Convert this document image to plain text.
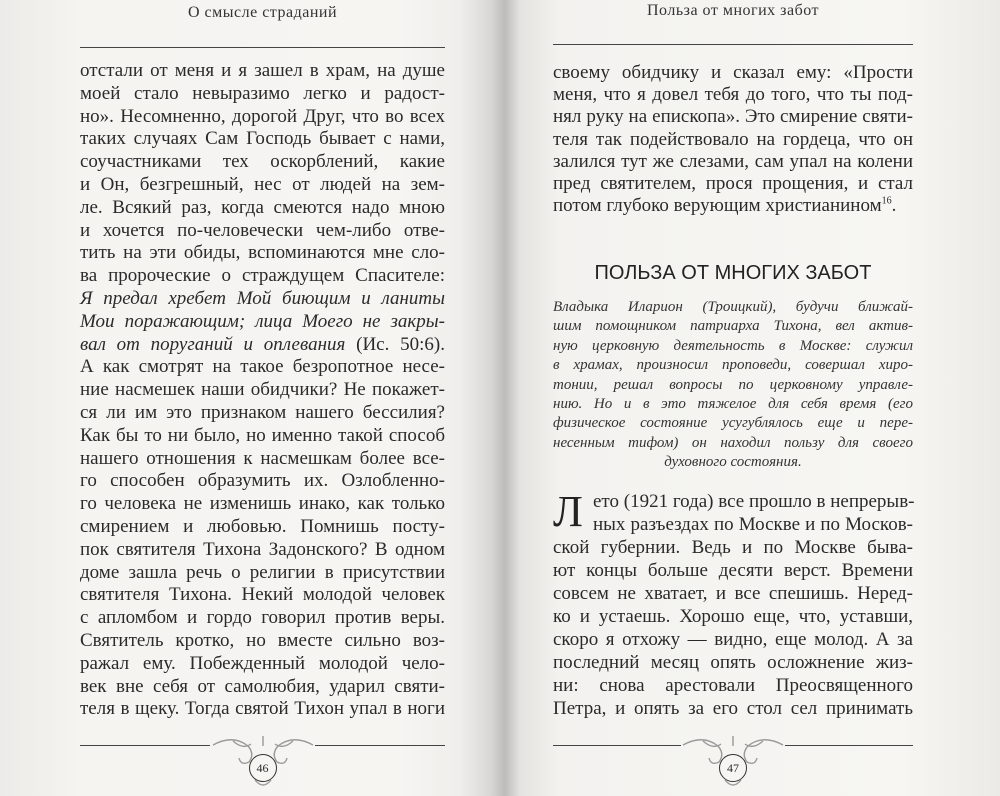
О смысле страданий
отстали от меня и я зашел в храм, на душе
моей стало невыразимо легко и радост-
но». Несомненно, дорогой Друг, что во всех
таких случаях Сам Господь бывает с нами,
соучастниками тех оскорблений, какие
и Он, безгрешный, нес от людей на зем-
ле. Всякий раз, когда смеются надо мною
и хочется по-человечески чем-либо отве-
тить на эти обиды, вспоминаются мне сло-
ва пророческие о страждущем Спасителе:
Я предал хребет Мой биющим и ланиты
Мои поражающим; лица Моего не закры-
вал от поруганий и оплевания (Ис. 50:6).
А как смотрят на такое безропотное несе-
ние насмешек наши обидчики? Не покажет-
ся ли им это признаком нашего бессилия?
Как бы то ни было, но именно такой способ
нашего отношения к насмешкам более все-
го способен образумить их. Озлобленно-
го человека не изменишь инако, как только
смирением и любовью. Помнишь посту-
пок святителя Тихона Задонского? В одном
доме зашла речь о религии в присутствии
святителя Тихона. Некий молодой человек
с апломбом и гордо говорил против веры.
Святитель кротко, но вместе сильно воз-
ражал ему. Побежденный молодой чело-
век вне себя от самолюбия, ударил святи-
теля в щеку. Тогда святой Тихон упал в ноги
46
Польза от многих забот
своему обидчику и сказал ему: «Прости
меня, что я довел тебя до того, что ты под-
нял руку на епископа». Это смирение святи-
теля так подействовало на гордеца, что он
залился тут же слезами, сам упал на колени
пред святителем, прося прощения, и стал
потом глубоко верующим христианином$^{16}$.
ПОЛЬЗА ОТ МНОГИХ ЗАБОТ
Владыка Иларион (Троицкий), будучи ближай-
шим помощником патриарха Тихона, вел актив-
ную церковную деятельность в Москве: служил
в храмах, произносил проповеди, совершал хиро-
тонии, решал вопросы по церковному управле-
нию. Но и в это тяжелое для себя время (его
физическое состояние усугублялось еще и пере-
несенным тифом) он находил пользу для своего
духовного состояния.
Л ето (1921 года) все прошло в непрерыв-
ных разъездах по Москве и по Москов-
ской губернии. Ведь и по Москве быва-
ют концы больше десяти верст. Времени
совсем не хватает, и все спешишь. Неред-
ко и устаешь. Хорошо еще, что, уставши,
скоро я отхожу — видно, еще молод. А за
последний месяц опять осложнение жиз-
ни: снова арестовали Преосвященного
Петра, и опять за его стол сел принимать
47
